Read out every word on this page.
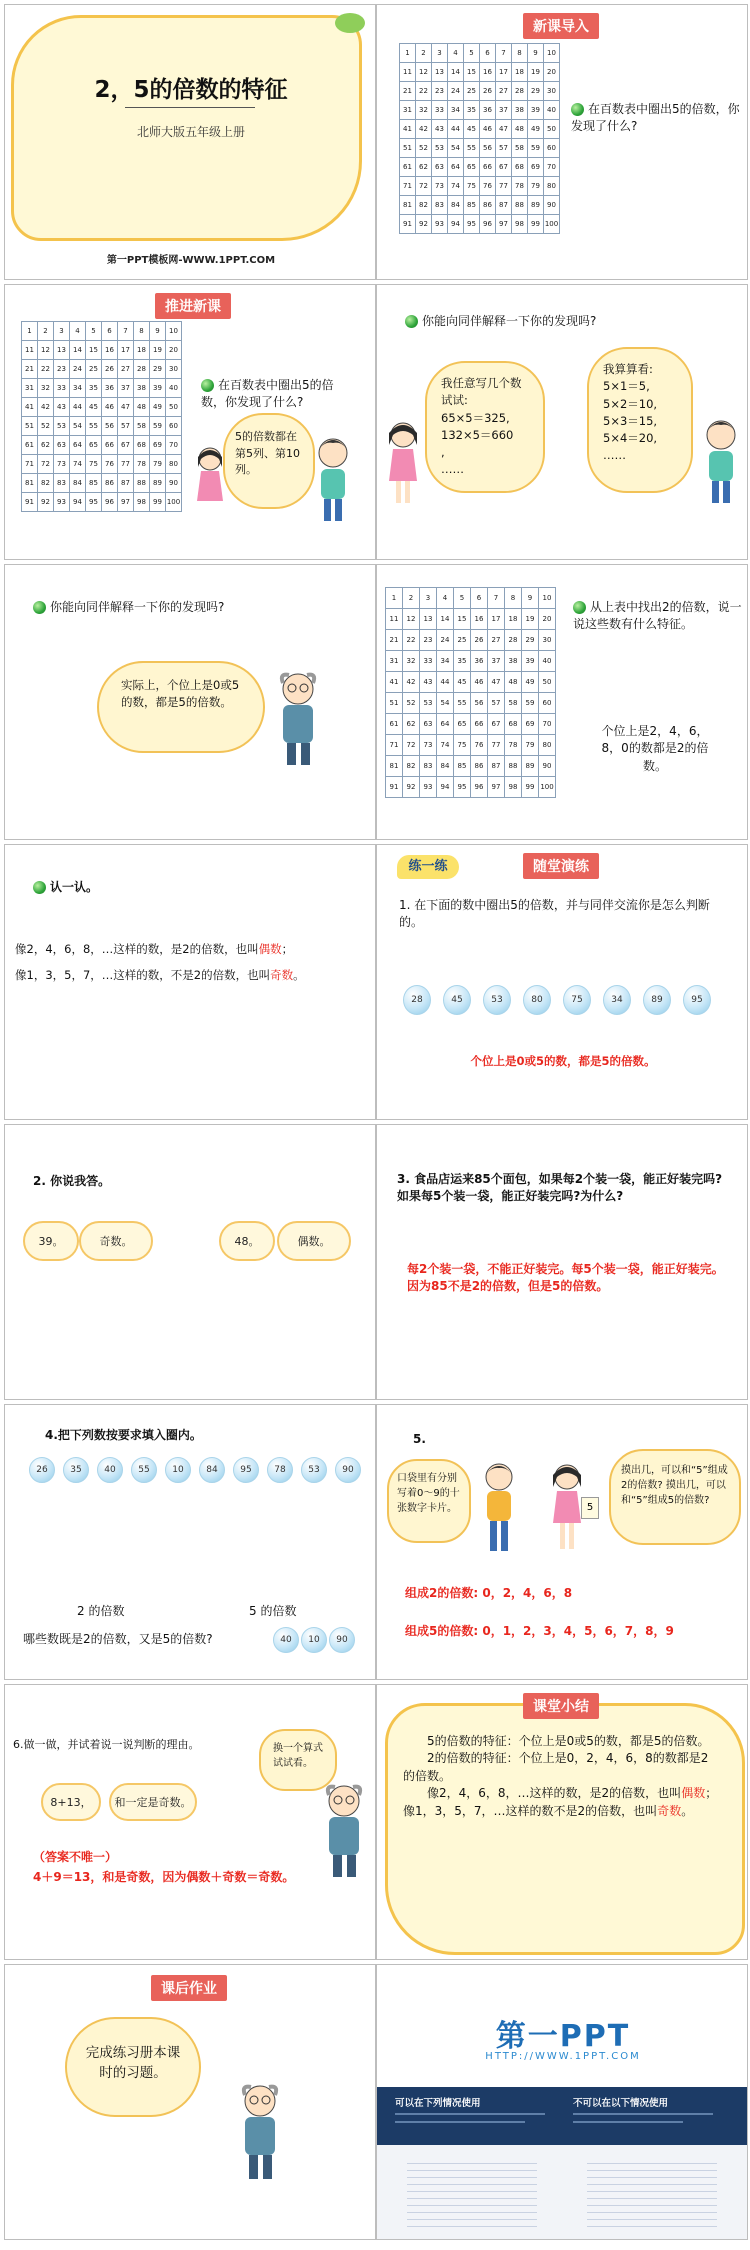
2，5的倍数的特征
北师大版五年级上册
第一PPT模板网-WWW.1PPT.COM
新课导入
1	2	3	4	5	6	7	8	9	10
11	12	13	14	15	16	17	18	19	20
21	22	23	24	25	26	27	28	29	30
31	32	33	34	35	36	37	38	39	40
41	42	43	44	45	46	47	48	49	50
51	52	53	54	55	56	57	58	59	60
61	62	63	64	65	66	67	68	69	70
71	72	73	74	75	76	77	78	79	80
81	82	83	84	85	86	87	88	89	90
91	92	93	94	95	96	97	98	99	100
在百数表中圈出5的倍数，你发现了什么?
推进新课
1	2	3	4	5	6	7	8	9	10
11	12	13	14	15	16	17	18	19	20
21	22	23	24	25	26	27	28	29	30
31	32	33	34	35	36	37	38	39	40
41	42	43	44	45	46	47	48	49	50
51	52	53	54	55	56	57	58	59	60
61	62	63	64	65	66	67	68	69	70
71	72	73	74	75	76	77	78	79	80
81	82	83	84	85	86	87	88	89	90
91	92	93	94	95	96	97	98	99	100
在百数表中圈出5的倍数，你发现了什么?
5的倍数都在第5列、第10列。
你能向同伴解释一下你的发现吗?
我任意写几个数试试:
65×5＝325,
132×5＝660
,
……
我算算看:
5×1＝5,
5×2＝10,
5×3＝15,
5×4＝20,
……
你能向同伴解释一下你的发现吗?
实际上，个位上是0或5的数，都是5的倍数。
1	2	3	4	5	6	7	8	9	10
11	12	13	14	15	16	17	18	19	20
21	22	23	24	25	26	27	28	29	30
31	32	33	34	35	36	37	38	39	40
41	42	43	44	45	46	47	48	49	50
51	52	53	54	55	56	57	58	59	60
61	62	63	64	65	66	67	68	69	70
71	72	73	74	75	76	77	78	79	80
81	82	83	84	85	86	87	88	89	90
91	92	93	94	95	96	97	98	99	100
从上表中找出2的倍数，说一说这些数有什么特征。
个位上是2，4，6，8，0的数都是2的倍数。
认一认。
像2，4，6，8，…这样的数，是2的倍数，也叫偶数；
像1，3，5，7，…这样的数，不是2的倍数，也叫奇数。
练一练	随堂演练
1. 在下面的数中圈出5的倍数，并与同伴交流你是怎么判断的。
28	45	53	80	75	34	89	95
个位上是0或5的数，都是5的倍数。
2. 你说我答。
39。	奇数。	48。	偶数。
3. 食品店运来85个面包，如果每2个装一袋，能正好装完吗? 如果每5个装一袋，能正好装完吗?为什么?
每2个装一袋，不能正好装完。每5个装一袋，能正好装完。因为85不是2的倍数，但是5的倍数。
4.把下列数按要求填入圈内。
26	35	40	55	10	84	95	78	53	90
2 的倍数	5 的倍数
哪些数既是2的倍数，又是5的倍数?	40	10	90
5.
口袋里有分别写着0～9的十张数字卡片。
摸出几，可以和“5”组成2的倍数? 摸出几，可以和“5”组成5的倍数?
5
组成2的倍数: 0，2，4，6，8
组成5的倍数: 0，1，2，3，4，5，6，7，8，9
6.做一做，并试着说一说判断的理由。
8+13，	和一定是奇数。
换一个算式试试看。
（答案不唯一）
4＋9＝13，和是奇数，因为偶数＋奇数＝奇数。
课堂小结
5的倍数的特征：个位上是0或5的数，都是5的倍数。
2的倍数的特征：个位上是0，2，4，6，8的数都是2的倍数。
像2，4，6，8，…这样的数，是2的倍数，也叫偶数；像1，3，5，7，…这样的数不是2的倍数，也叫奇数。
课后作业
完成练习册本课时的习题。
第一PPT
HTTP://WWW.1PPT.COM
可以在下列情况使用	不可以在以下情况使用
